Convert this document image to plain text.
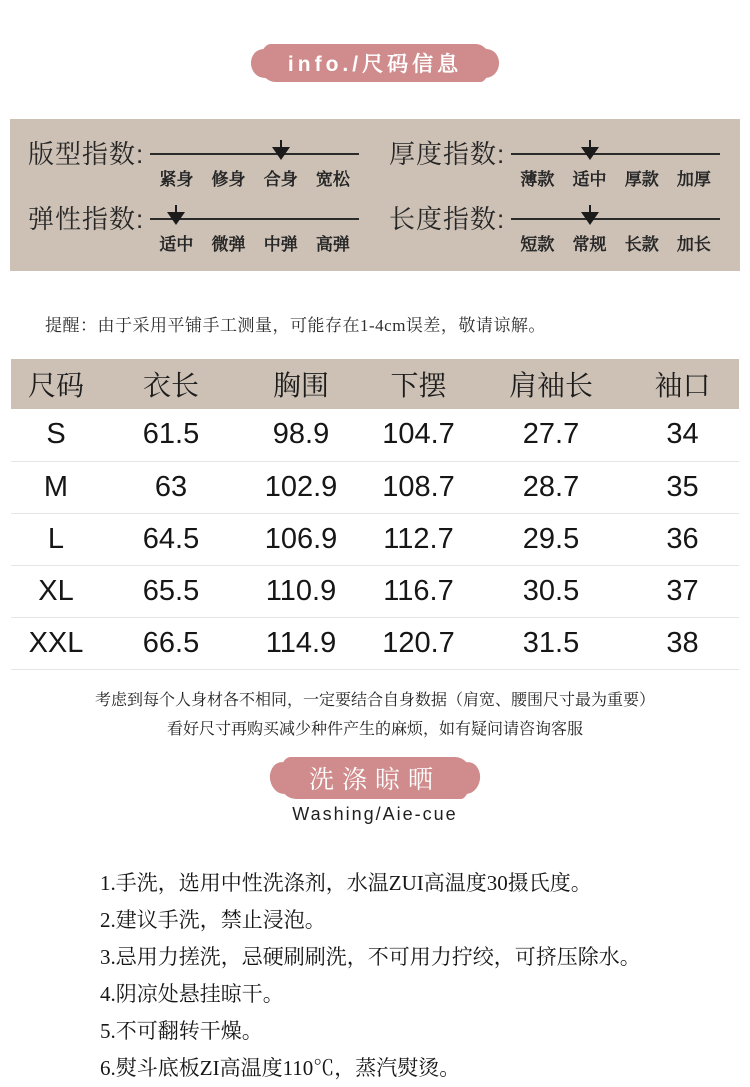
info./尺码信息
版型指数:
紧身	修身	合身	宽松
厚度指数:
薄款	适中	厚款	加厚
弹性指数:
适中	微弹	中弹	高弹
长度指数:
短款	常规	长款	加长
提醒：由于采用平铺手工测量，可能存在1-4cm误差，敬请谅解。
尺码	衣长	胸围	下摆	肩袖长	袖口
S	61.5	98.9	104.7	27.7	34
M	63	102.9	108.7	28.7	35
L	64.5	106.9	112.7	29.5	36
XL	65.5	110.9	116.7	30.5	37
XXL	66.5	114.9	120.7	31.5	38
考虑到每个人身材各不相同，一定要结合自身数据（肩宽、腰围尺寸最为重要）
看好尺寸再购买减少种件产生的麻烦，如有疑问请咨询客服
洗涤晾晒
Washing/Aie-cue
1.手洗，选用中性洗涤剂，水温ZUI高温度30摄氏度。
2.建议手洗，禁止浸泡。
3.忌用力搓洗，忌硬刷刷洗，不可用力拧绞，可挤压除水。
4.阴凉处悬挂晾干。
5.不可翻转干燥。
6.熨斗底板ZI高温度110℃，蒸汽熨烫。
